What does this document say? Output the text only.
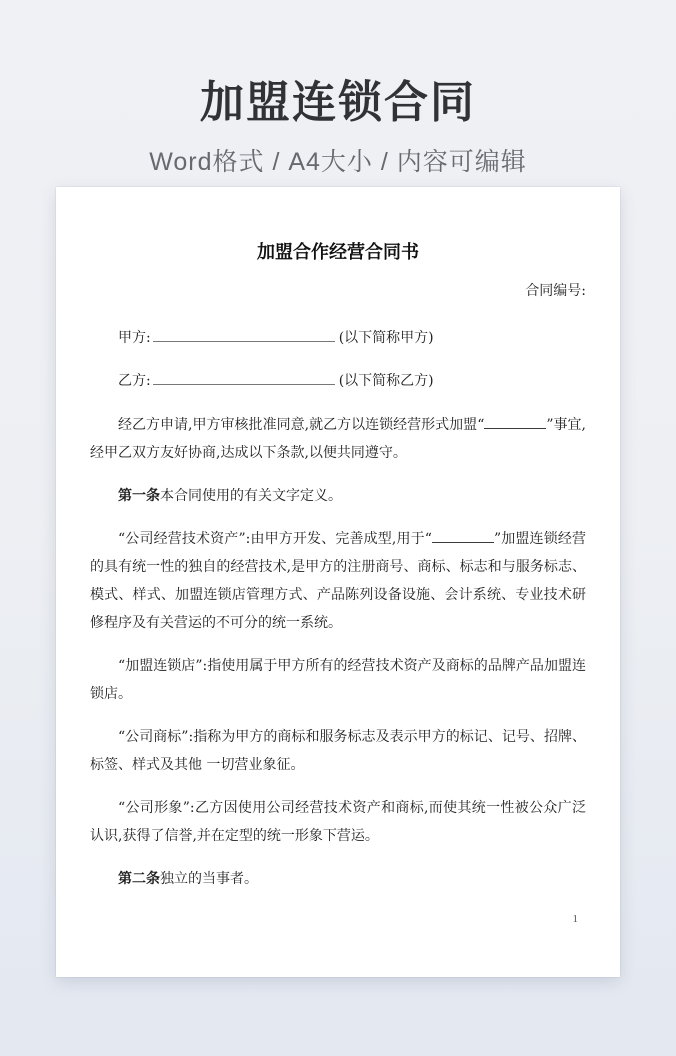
加盟连锁合同

Word格式 / A4大小 / 内容可编辑

加盟合作经营合同书
合同编号:
甲方:	(以下简称甲方)
乙方:	(以下简称乙方)

经乙方申请,甲方审核批准同意,就乙方以连锁经营形式加盟“	”事宜,经甲乙双方友好协商,达成以下条款,以便共同遵守。

第一条本合同使用的有关文字定义。

“公司经营技术资产”:由甲方开发、完善成型,用于“	”加盟连锁经营的具有统一性的独自的经营技术,是甲方的注册商号、商标、标志和与服务标志、模式、样式、加盟连锁店管理方式、产品陈列设备设施、会计系统、专业技术研修程序及有关营运的不可分的统一系统。

“加盟连锁店”:指使用属于甲方所有的经营技术资产及商标的品牌产品加盟连锁店。

“公司商标”:指称为甲方的商标和服务标志及表示甲方的标记、记号、招牌、标签、样式及其他 一切营业象征。

“公司形象”:乙方因使用公司经营技术资产和商标,而使其统一性被公众广泛认识,获得了信誉,并在定型的统一形象下营运。

第二条独立的当事者。

1
